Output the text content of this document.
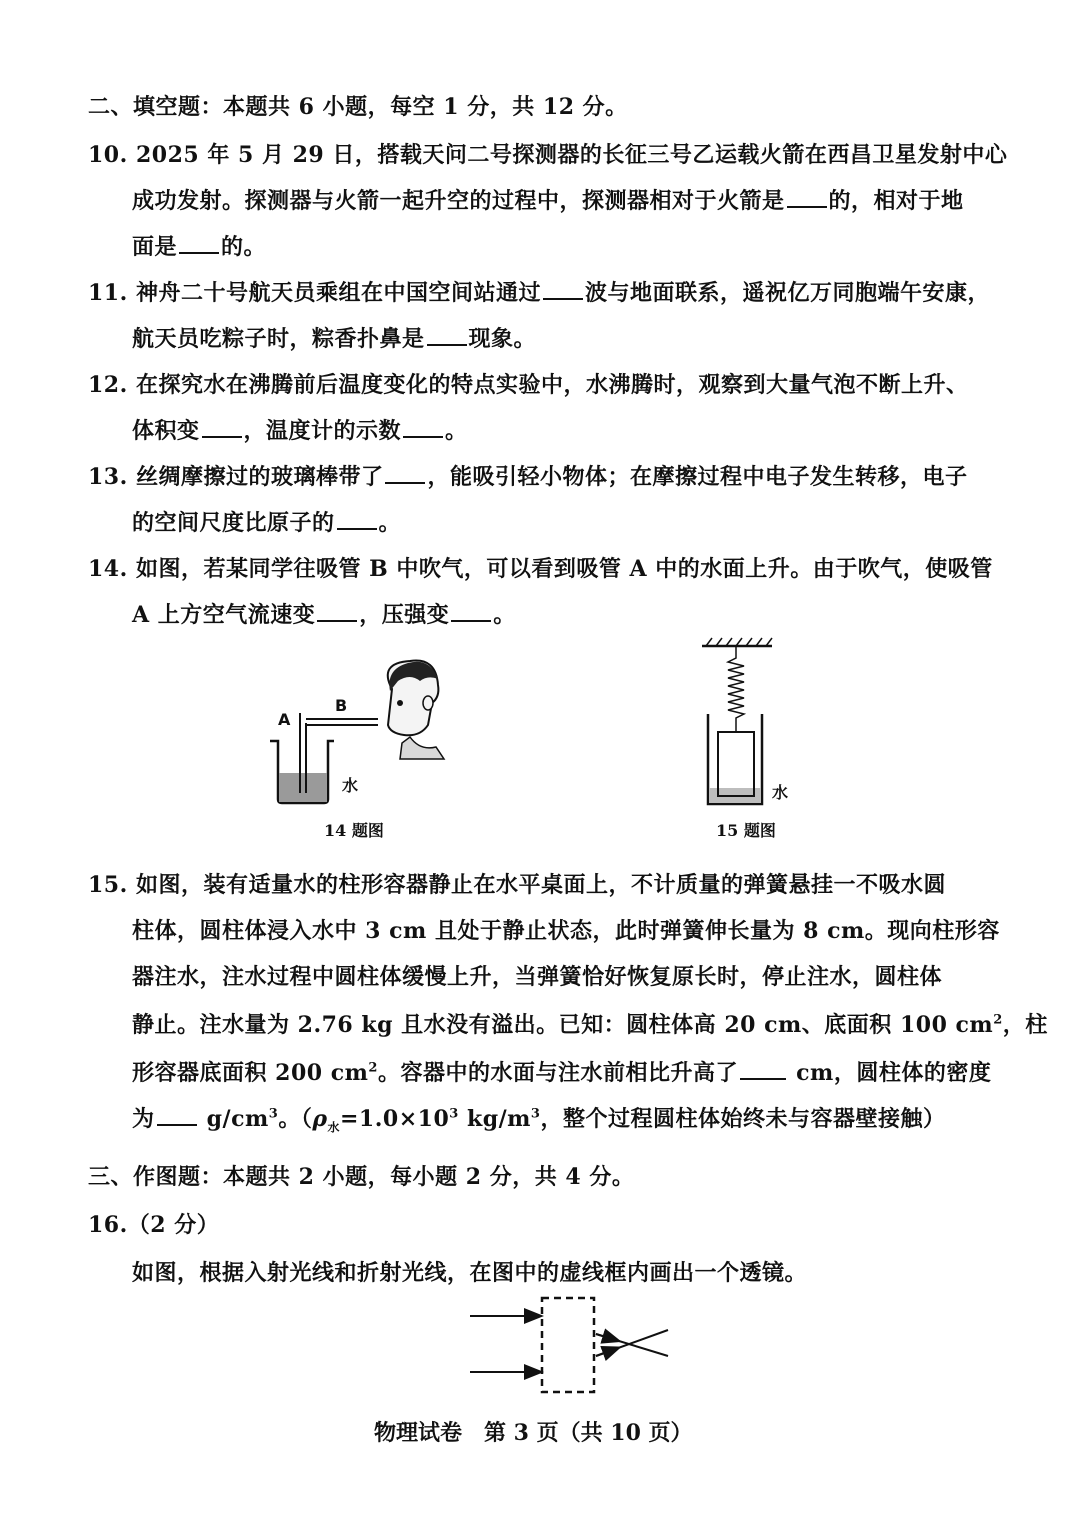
二、填空题：本题共 6 小题，每空 1 分，共 12 分。
10. 2025 年 5 月 29 日，搭载天问二号探测器的长征三号乙运载火箭在西昌卫星发射中心
成功发射。探测器与火箭一起升空的过程中，探测器相对于火箭是 的，相对于地
面是 的。
11. 神舟二十号航天员乘组在中国空间站通过 波与地面联系，遥祝亿万同胞端午安康，
航天员吃粽子时，粽香扑鼻是 现象。
12. 在探究水在沸腾前后温度变化的特点实验中，水沸腾时，观察到大量气泡不断上升、
体积变 ，温度计的示数 。
13. 丝绸摩擦过的玻璃棒带了 ，能吸引轻小物体；在摩擦过程中电子发生转移，电子
的空间尺度比原子的 。
14. 如图，若某同学往吸管 B 中吹气，可以看到吸管 A 中的水面上升。由于吹气，使吸管
A 上方空气流速变 ，压强变 。
A
B
水
14 题图
水
15 题图
15. 如图，装有适量水的柱形容器静止在水平桌面上，不计质量的弹簧悬挂一不吸水圆
柱体，圆柱体浸入水中 3 cm 且处于静止状态，此时弹簧伸长量为 8 cm。现向柱形容
器注水，注水过程中圆柱体缓慢上升，当弹簧恰好恢复原长时，停止注水，圆柱体
静止。注水量为 2.76 kg 且水没有溢出。已知：圆柱体高 20 cm、底面积 100 $cm^2$，柱
形容器底面积 200 $cm^2$。容器中的水面与注水前相比升高了 cm，圆柱体的密度
为 $g/cm^3$。（$\rho_水=1.0\times 10^3$ $kg/m^3$，整个过程圆柱体始终未与容器壁接触）
三、作图题：本题共 2 小题，每小题 2 分，共 4 分。
16.（2 分）
如图，根据入射光线和折射光线，在图中的虚线框内画出一个透镜。
物理试卷　第 3 页（共 10 页）
